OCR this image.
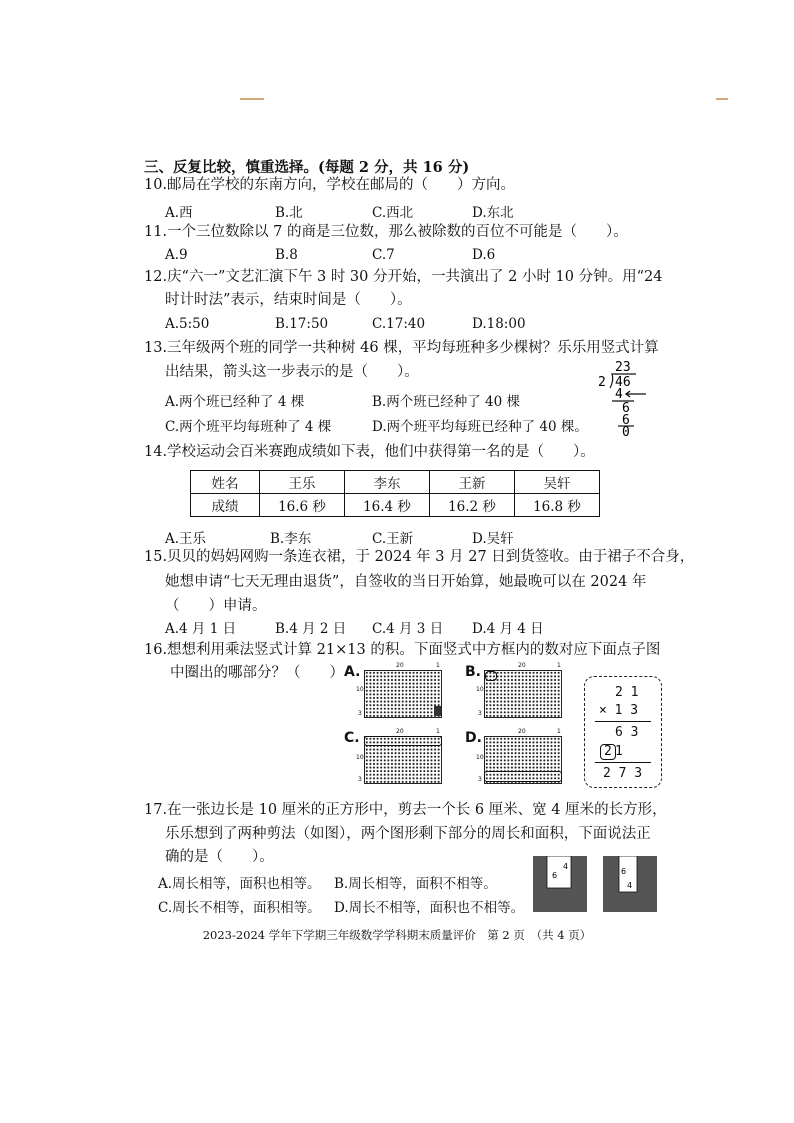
三、反复比较，慎重选择。(每题 2 分，共 16 分)
10.邮局在学校的东南方向，学校在邮局的（　　）方向。
A.西	B.北	C.西北	D.东北
11.一个三位数除以 7 的商是三位数，那么被除数的百位不可能是（　　）。
A.9	B.8	C.7	D.6
12.庆“六一”文艺汇演下午 3 时 30 分开始，一共演出了 2 小时 10 分钟。用“24
时计时法”表示，结束时间是（　　）。
A.5:50	B.17:50	C.17:40	D.18:00
13.三年级两个班的同学一共种树 46 棵，平均每班种多少棵树？乐乐用竖式计算
出结果，箭头这一步表示的是（　　）。
A.两个班已经种了 4 棵	B.两个班已经种了 40 棵
C.两个班平均每班种了 4 棵	D.两个班平均每班已经种了 40 棵。
23
2 46
4
6
6
0
14.学校运动会百米赛跑成绩如下表，他们中获得第一名的是（　　）。
姓名	王乐	李东	王新	吴轩
成绩	16.6 秒	16.4 秒	16.2 秒	16.8 秒
A.王乐	B.李东	C.王新	D.吴轩
15.贝贝的妈妈网购一条连衣裙，于 2024 年 3 月 27 日到货签收。由于裙子不合身，
她想申请“七天无理由退货”，自签收的当日开始算，她最晚可以在 2024 年
（　　）申请。
A.4 月 1 日	B.4 月 2 日 C.4 月 3 日 D.4 月 4 日
16.想想利用乘法竖式计算 21×13 的积。下面竖式中方框内的数对应下面点子图
中圈出的哪部分？（　　） A.	20	1
10
3
B.	20	1
10
3
C.	20	1
10
3
D.	20	1
10
3
2 1
× 1 3
6 3
2 1
2 7 3
17.在一张边长是 10 厘米的正方形中，剪去一个长 6 厘米、宽 4 厘米的长方形，
乐乐想到了两种剪法（如图），两个图形剩下部分的周长和面积，下面说法正
确的是（　　）。
A.周长相等，面积也相等。 B.周长相等，面积不相等。
C.周长不相等，面积相等。 D.周长不相等，面积也不相等。
6
4
6
4
2023-2024 学年下学期三年级数学学科期末质量评价　第 2 页　（共 4 页）
